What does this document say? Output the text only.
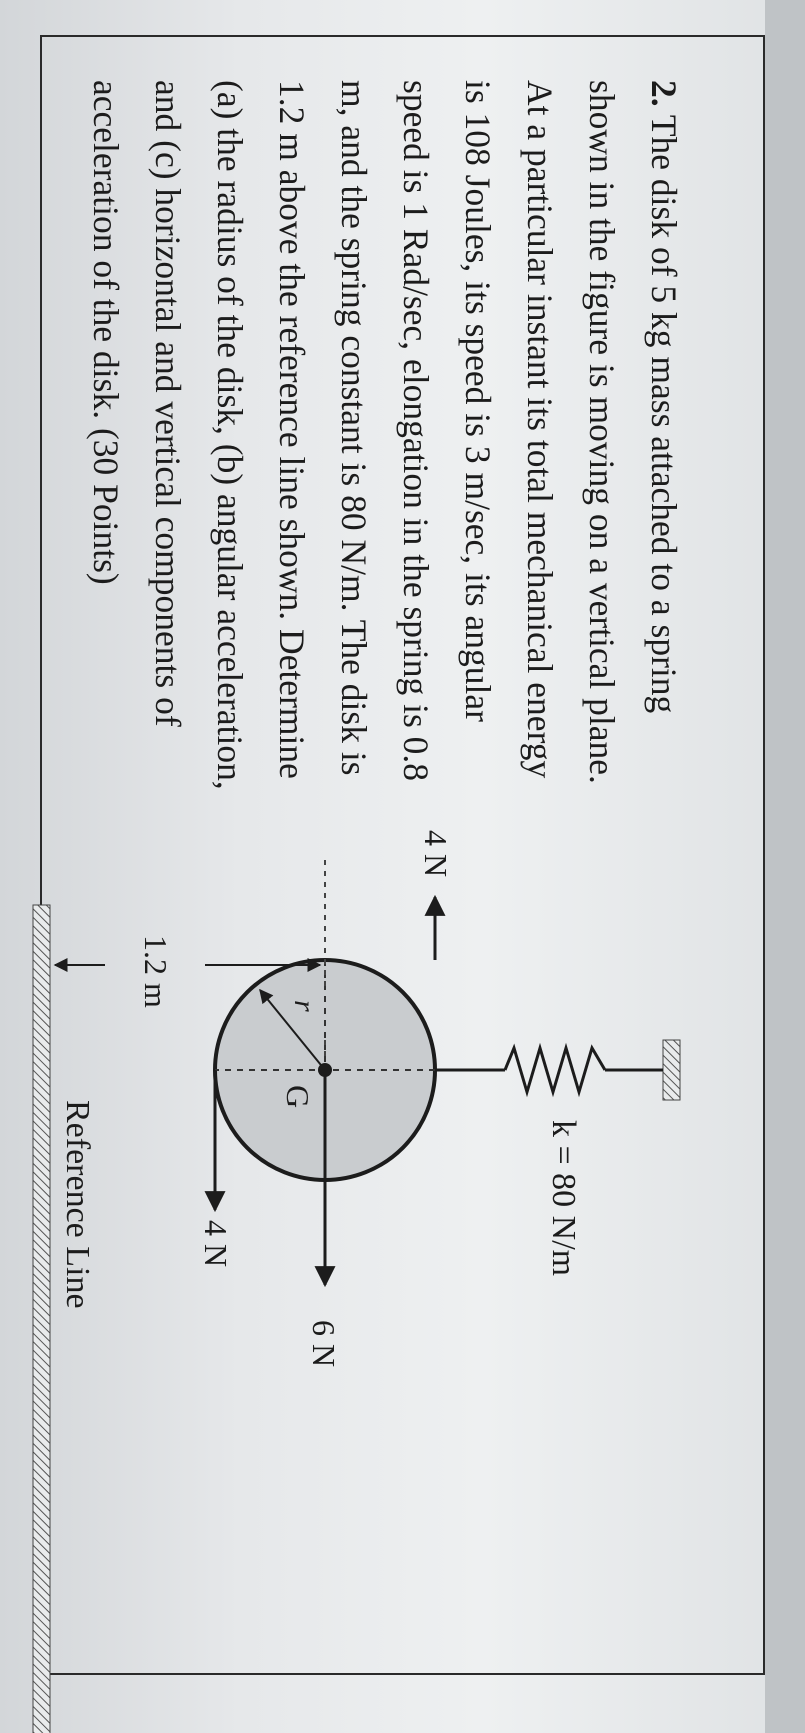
2. The disk of 5 kg mass attached to a spring
shown in the figure is moving on a vertical plane.
At a particular instant its total mechanical energy
is 108 Joules, its speed is 3 m/sec, its angular
speed is 1 Rad/sec, elongation in the spring is 0.8
m, and the spring constant is 80 N/m. The disk is
1.2 m above the reference line shown. Determine
(a) the radius of the disk, (b) angular acceleration,
and (c) horizontal and vertical components of
acceleration of the disk. (30 Points)
k = 80 N/m
G
r
4 N
6 N
4 N
1.2 m
Reference Line
